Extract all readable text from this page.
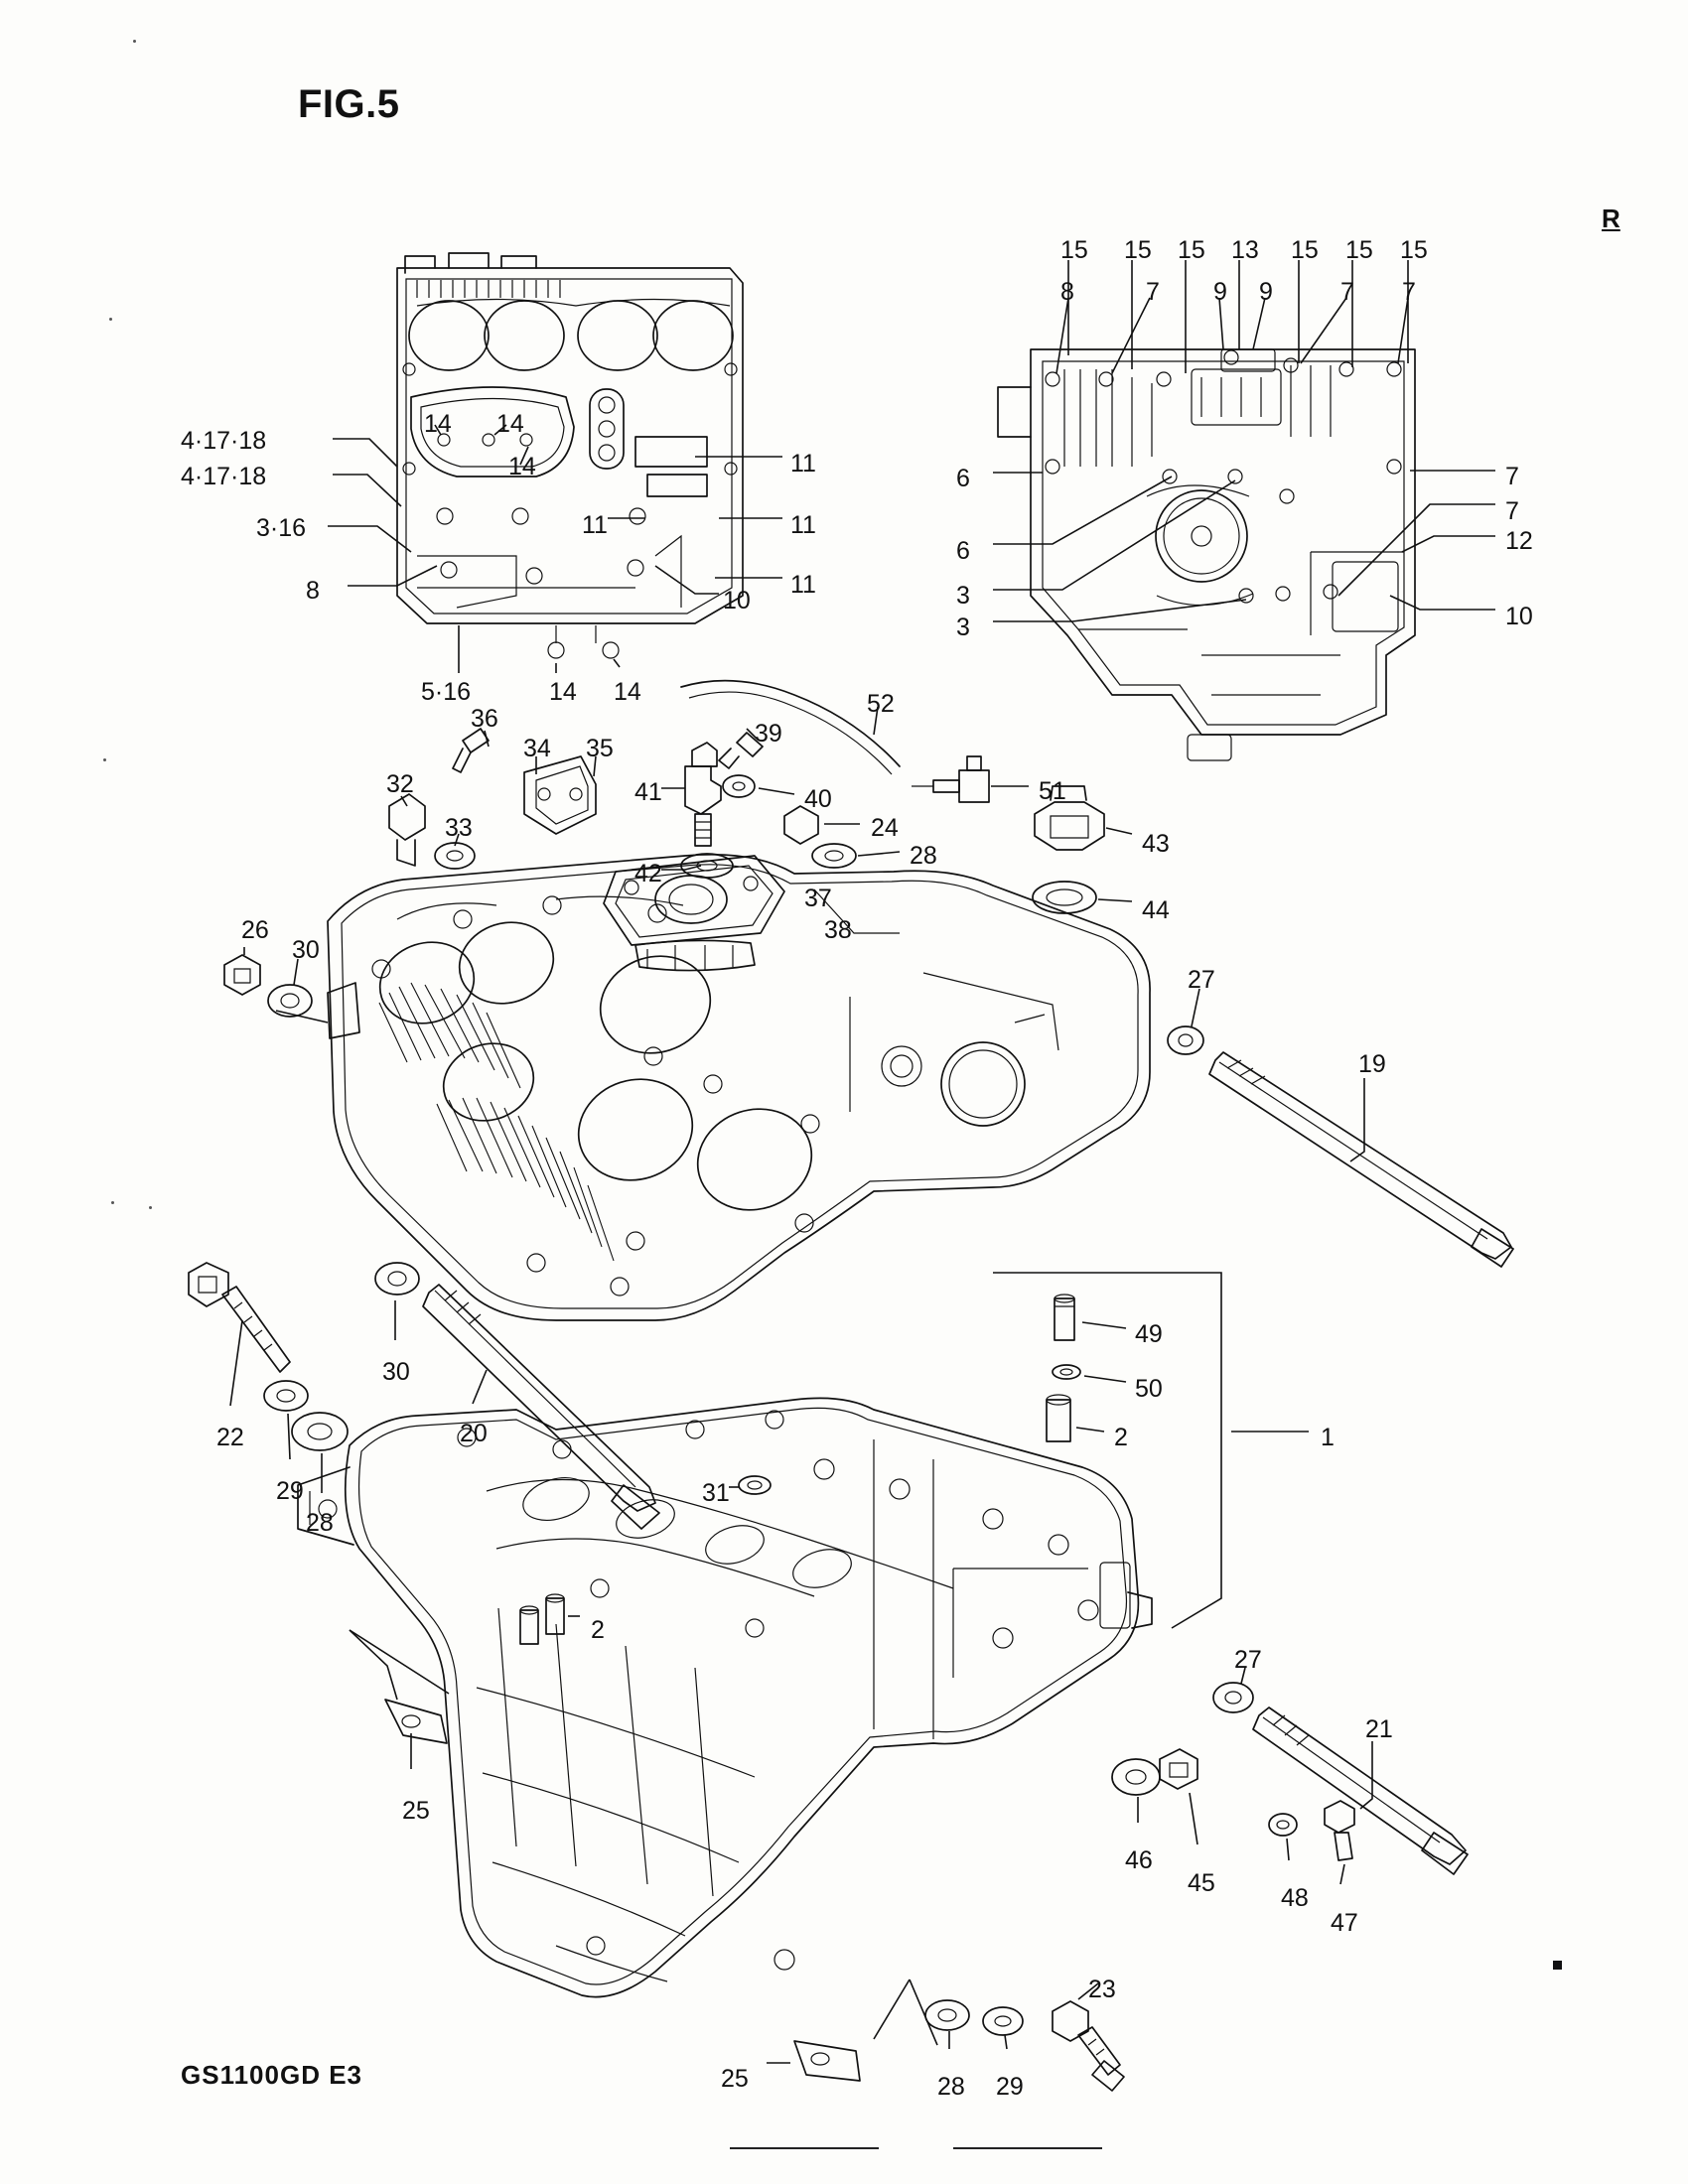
FIG.5
GS1100GD E3
R
15 15 15 13 15 15 15
8	7 9 9	7 7
6
6
3
3
7
7
12
10
4·17·18
4·17·18
3·16
8
14 14
14	11
11	11
11
10
5·16	14 14
36
32
33
34 35
41
42
39
52
40	51
24
28
37
38
43
44
26
30
27
19
30
20
22
29
28
49
50
2	1
31
2
25
27
21
46
45
48
47
23
25	28 29
